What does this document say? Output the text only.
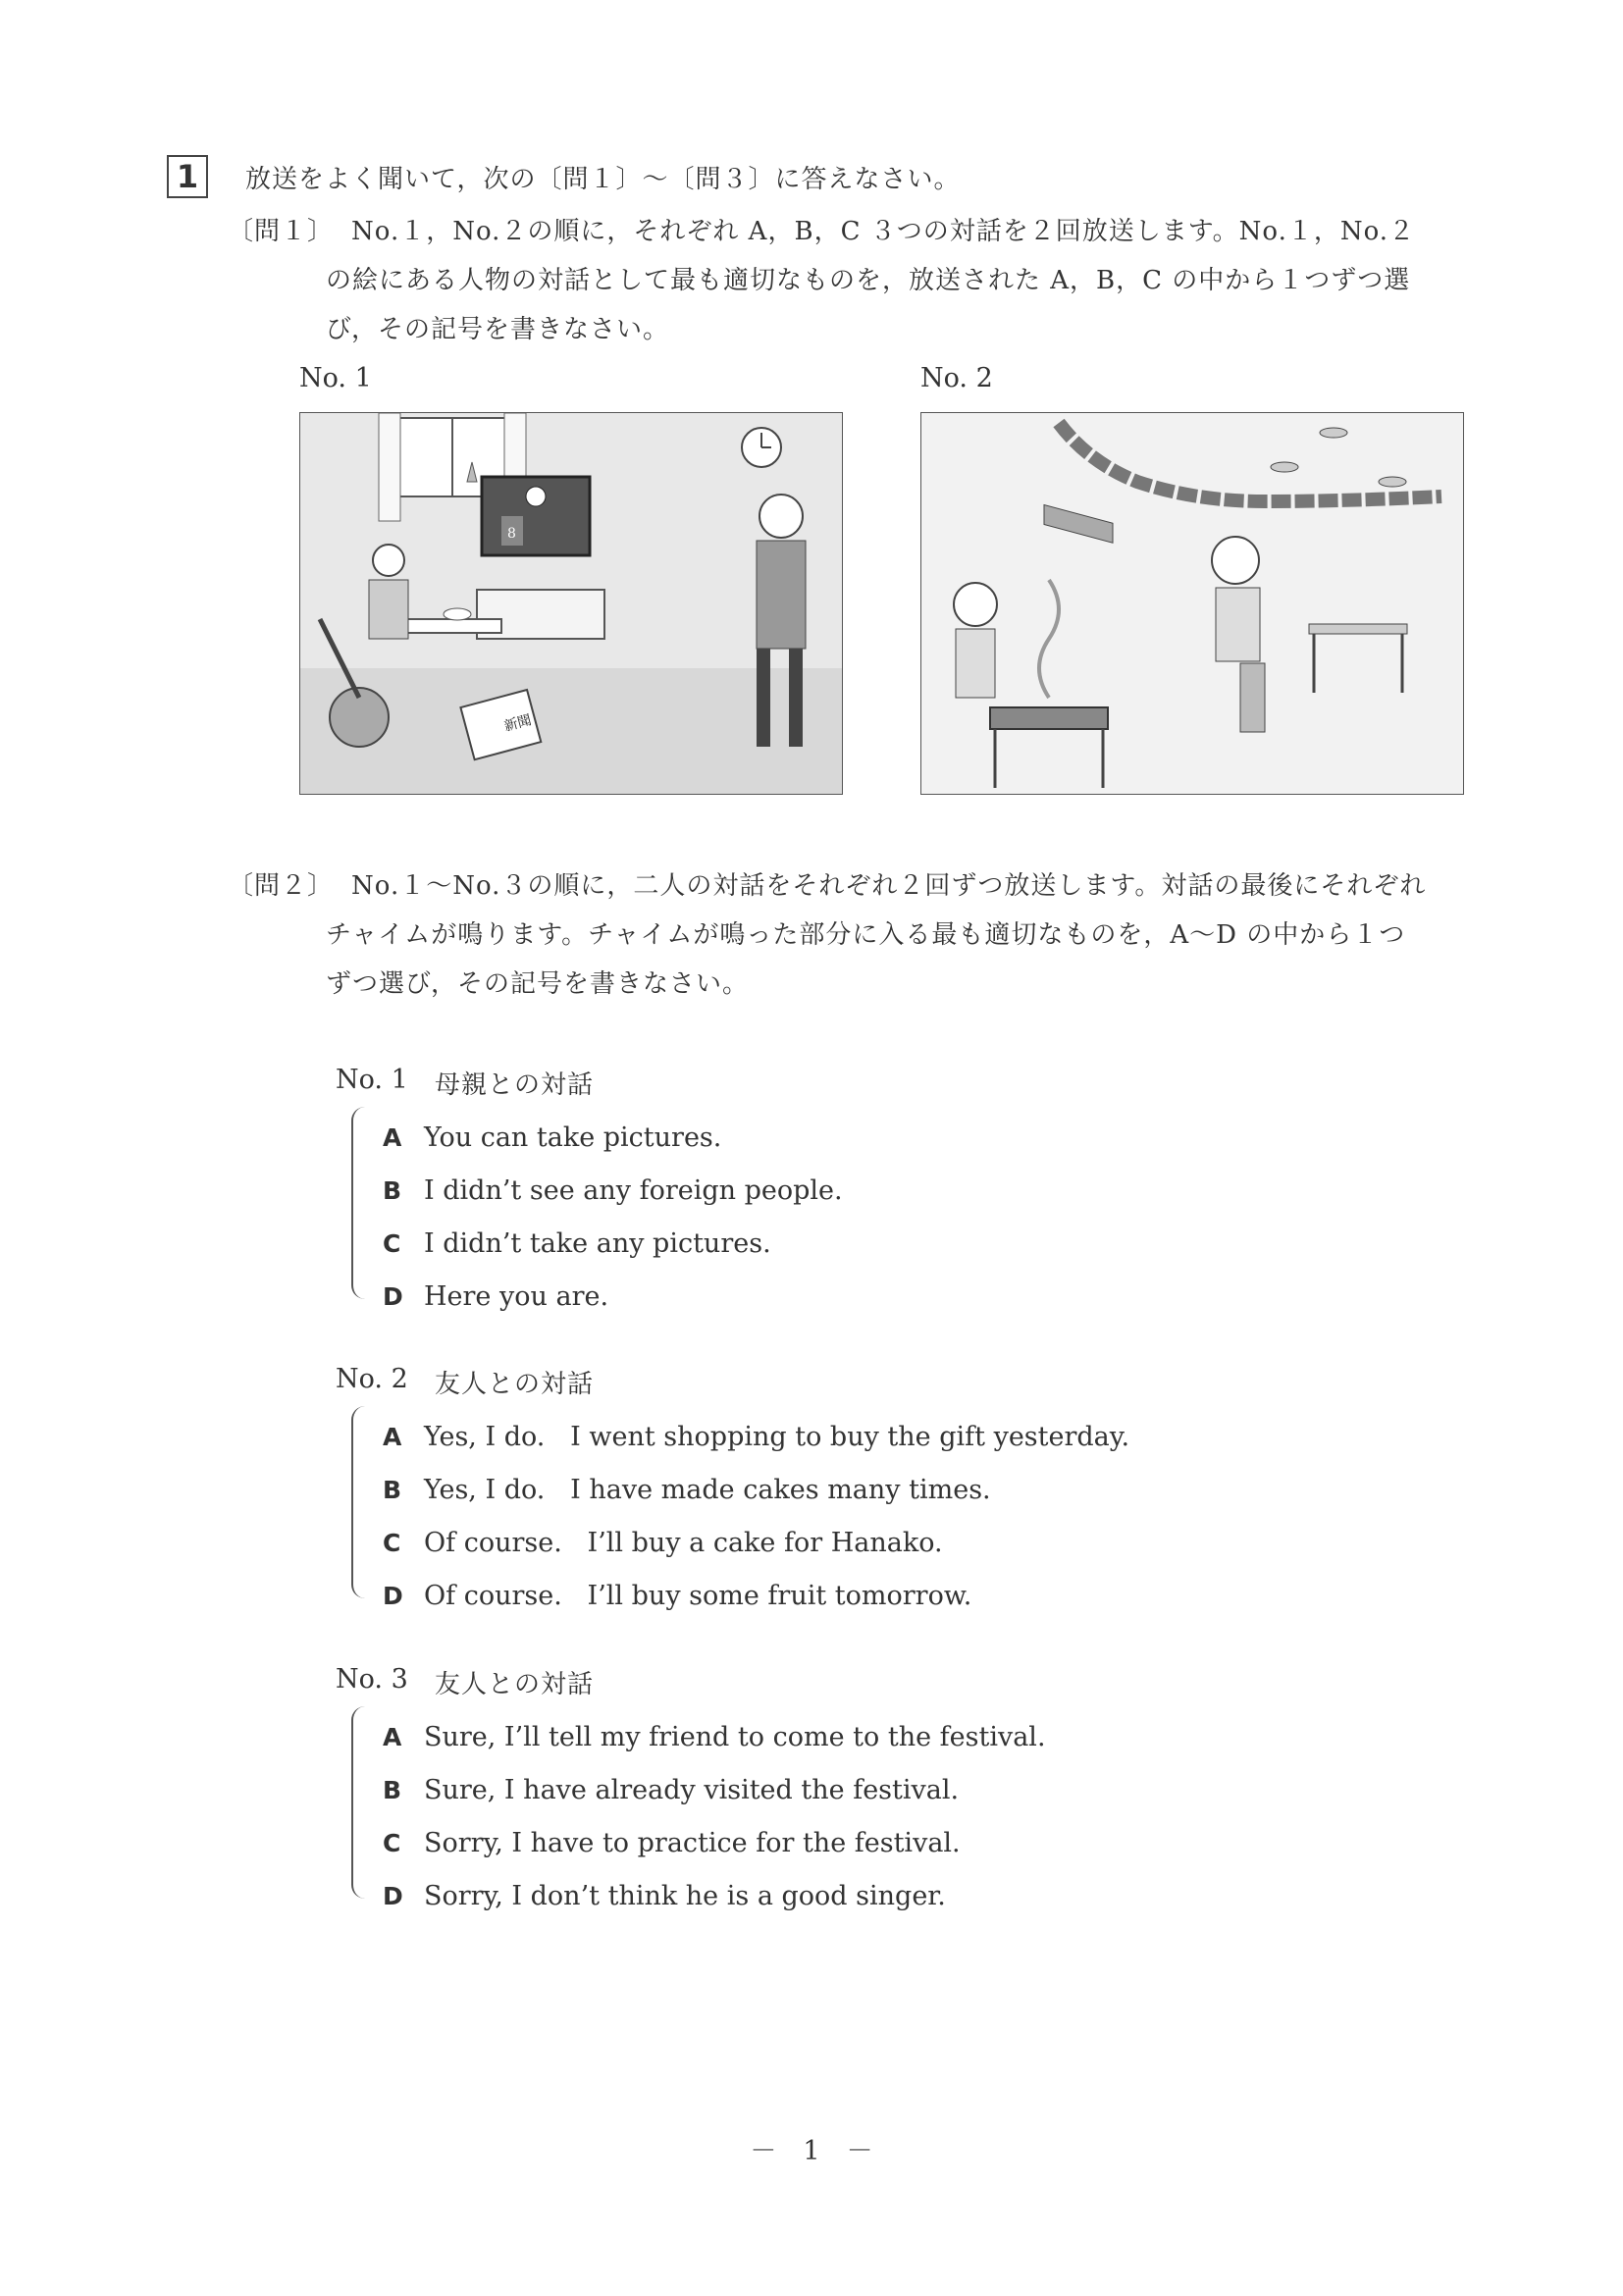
1	放送をよく聞いて，次の〔問１〕～〔問３〕に答えなさい。
〔問１〕 No.１，No.２の順に，それぞれ A，B，C ３つの対話を２回放送します。No.１，No.２
の絵にある人物の対話として最も適切なものを，放送された A，B，C の中から１つずつ選
び，その記号を書きなさい。
No. 1	No. 2
8
新聞
〔問２〕 No.１～No.３の順に，二人の対話をそれぞれ２回ずつ放送します。対話の最後にそれぞれ
チャイムが鳴ります。チャイムが鳴った部分に入る最も適切なものを，A～D の中から１つ
ずつ選び，その記号を書きなさい。
No. 1 母親との対話
A You can take pictures.
B I didn’t see any foreign people.
C I didn’t take any pictures.
D Here you are.
No. 2 友人との対話
A Yes, I do.   I went shopping to buy the gift yesterday.
B Yes, I do.   I have made cakes many times.
C Of course.   I’ll buy a cake for Hanako.
D Of course.   I’ll buy some fruit tomorrow.
No. 3 友人との対話
A Sure, I’ll tell my friend to come to the festival.
B Sure, I have already visited the festival.
C Sorry, I have to practice for the festival.
D Sorry, I don’t think he is a good singer.
－　1　－
